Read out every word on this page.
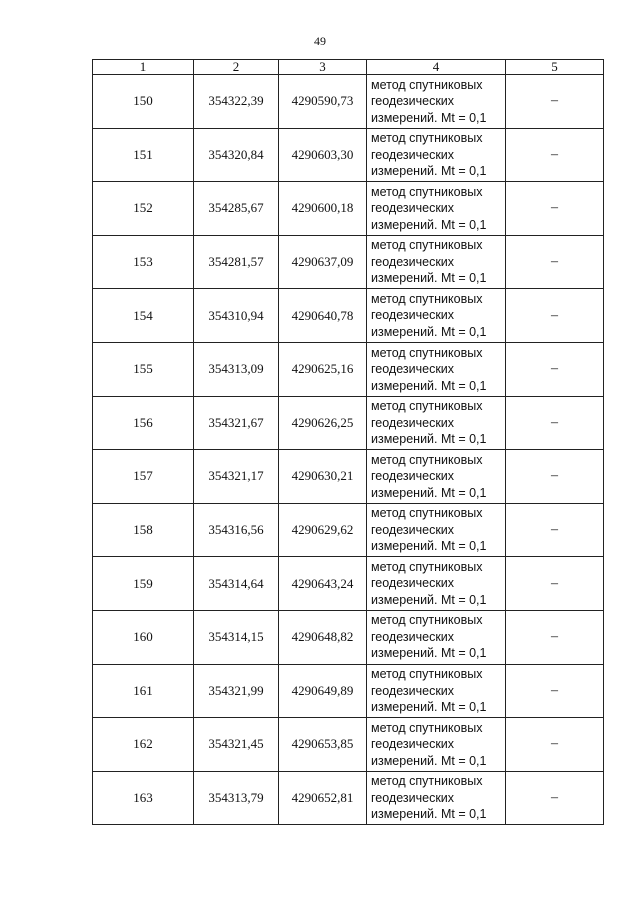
49
1	2	3	4	5
150	354322,39	4290590,73	метод спутниковых
геодезических
измерений. Mt = 0,1	–
151	354320,84	4290603,30	метод спутниковых
геодезических
измерений. Mt = 0,1	–
152	354285,67	4290600,18	метод спутниковых
геодезических
измерений. Mt = 0,1	–
153	354281,57	4290637,09	метод спутниковых
геодезических
измерений. Mt = 0,1	–
154	354310,94	4290640,78	метод спутниковых
геодезических
измерений. Mt = 0,1	–
155	354313,09	4290625,16	метод спутниковых
геодезических
измерений. Mt = 0,1	–
156	354321,67	4290626,25	метод спутниковых
геодезических
измерений. Mt = 0,1	–
157	354321,17	4290630,21	метод спутниковых
геодезических
измерений. Mt = 0,1	–
158	354316,56	4290629,62	метод спутниковых
геодезических
измерений. Mt = 0,1	–
159	354314,64	4290643,24	метод спутниковых
геодезических
измерений. Mt = 0,1	–
160	354314,15	4290648,82	метод спутниковых
геодезических
измерений. Mt = 0,1	–
161	354321,99	4290649,89	метод спутниковых
геодезических
измерений. Mt = 0,1	–
162	354321,45	4290653,85	метод спутниковых
геодезических
измерений. Mt = 0,1	–
163	354313,79	4290652,81	метод спутниковых
геодезических
измерений. Mt = 0,1	–
